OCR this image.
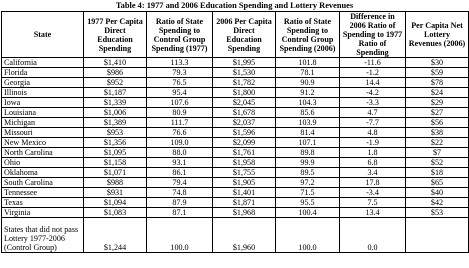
Table 4: 1977 and 2006 Education Spending and Lottery Revenues
State	1977 Per Capita Direct Education Spending	Ratio of State Spending to Control Group Spending (1977)	2006 Per Capita Direct Education Spending	Ratio of State Spending to Control Group Spending (2006)	Difference in 2006 Ratio of Spending to 1977 Ratio of Spending	Per Capita Net Lottery Revenues (2006)
California	$1,410	113.3	$1,995	101.8	-11.6	$30
Florida	$986	79.3	$1,530	78.1	-1.2	$59
Georgia	$952	76.5	$1,782	90.9	14.4	$78
Illinois	$1,187	95.4	$1,800	91.2	-4.2	$24
Iowa	$1,339	107.6	$2,045	104.3	-3.3	$29
Louisiana	$1,006	80.9	$1,678	85.6	4.7	$27
Michigan	$1,389	111.7	$2,037	103.9	-7.7	$56
Missouri	$953	76.6	$1,596	81.4	4.8	$38
New Mexico	$1,356	109.0	$2,099	107.1	-1.9	$22
North Carolina	$1,095	88.0	$1,761	89.8	1.8	$7
Ohio	$1,158	93.1	$1,958	99.9	6.8	$52
Oklahoma	$1,071	86.1	$1,755	89.5	3.4	$18
South Carolina	$988	79.4	$1,905	97.2	17.8	$65
Tennessee	$931	74.8	$1,401	71.5	-3.4	$40
Texas	$1,094	87.9	$1,871	95.5	7.5	$42
Virginia	$1,083	87.1	$1,968	100.4	13.4	$53
States that did not pass Lottery 1977-2006 (Control Group)	$1,244	100.0	$1,960	100.0	0.0	
